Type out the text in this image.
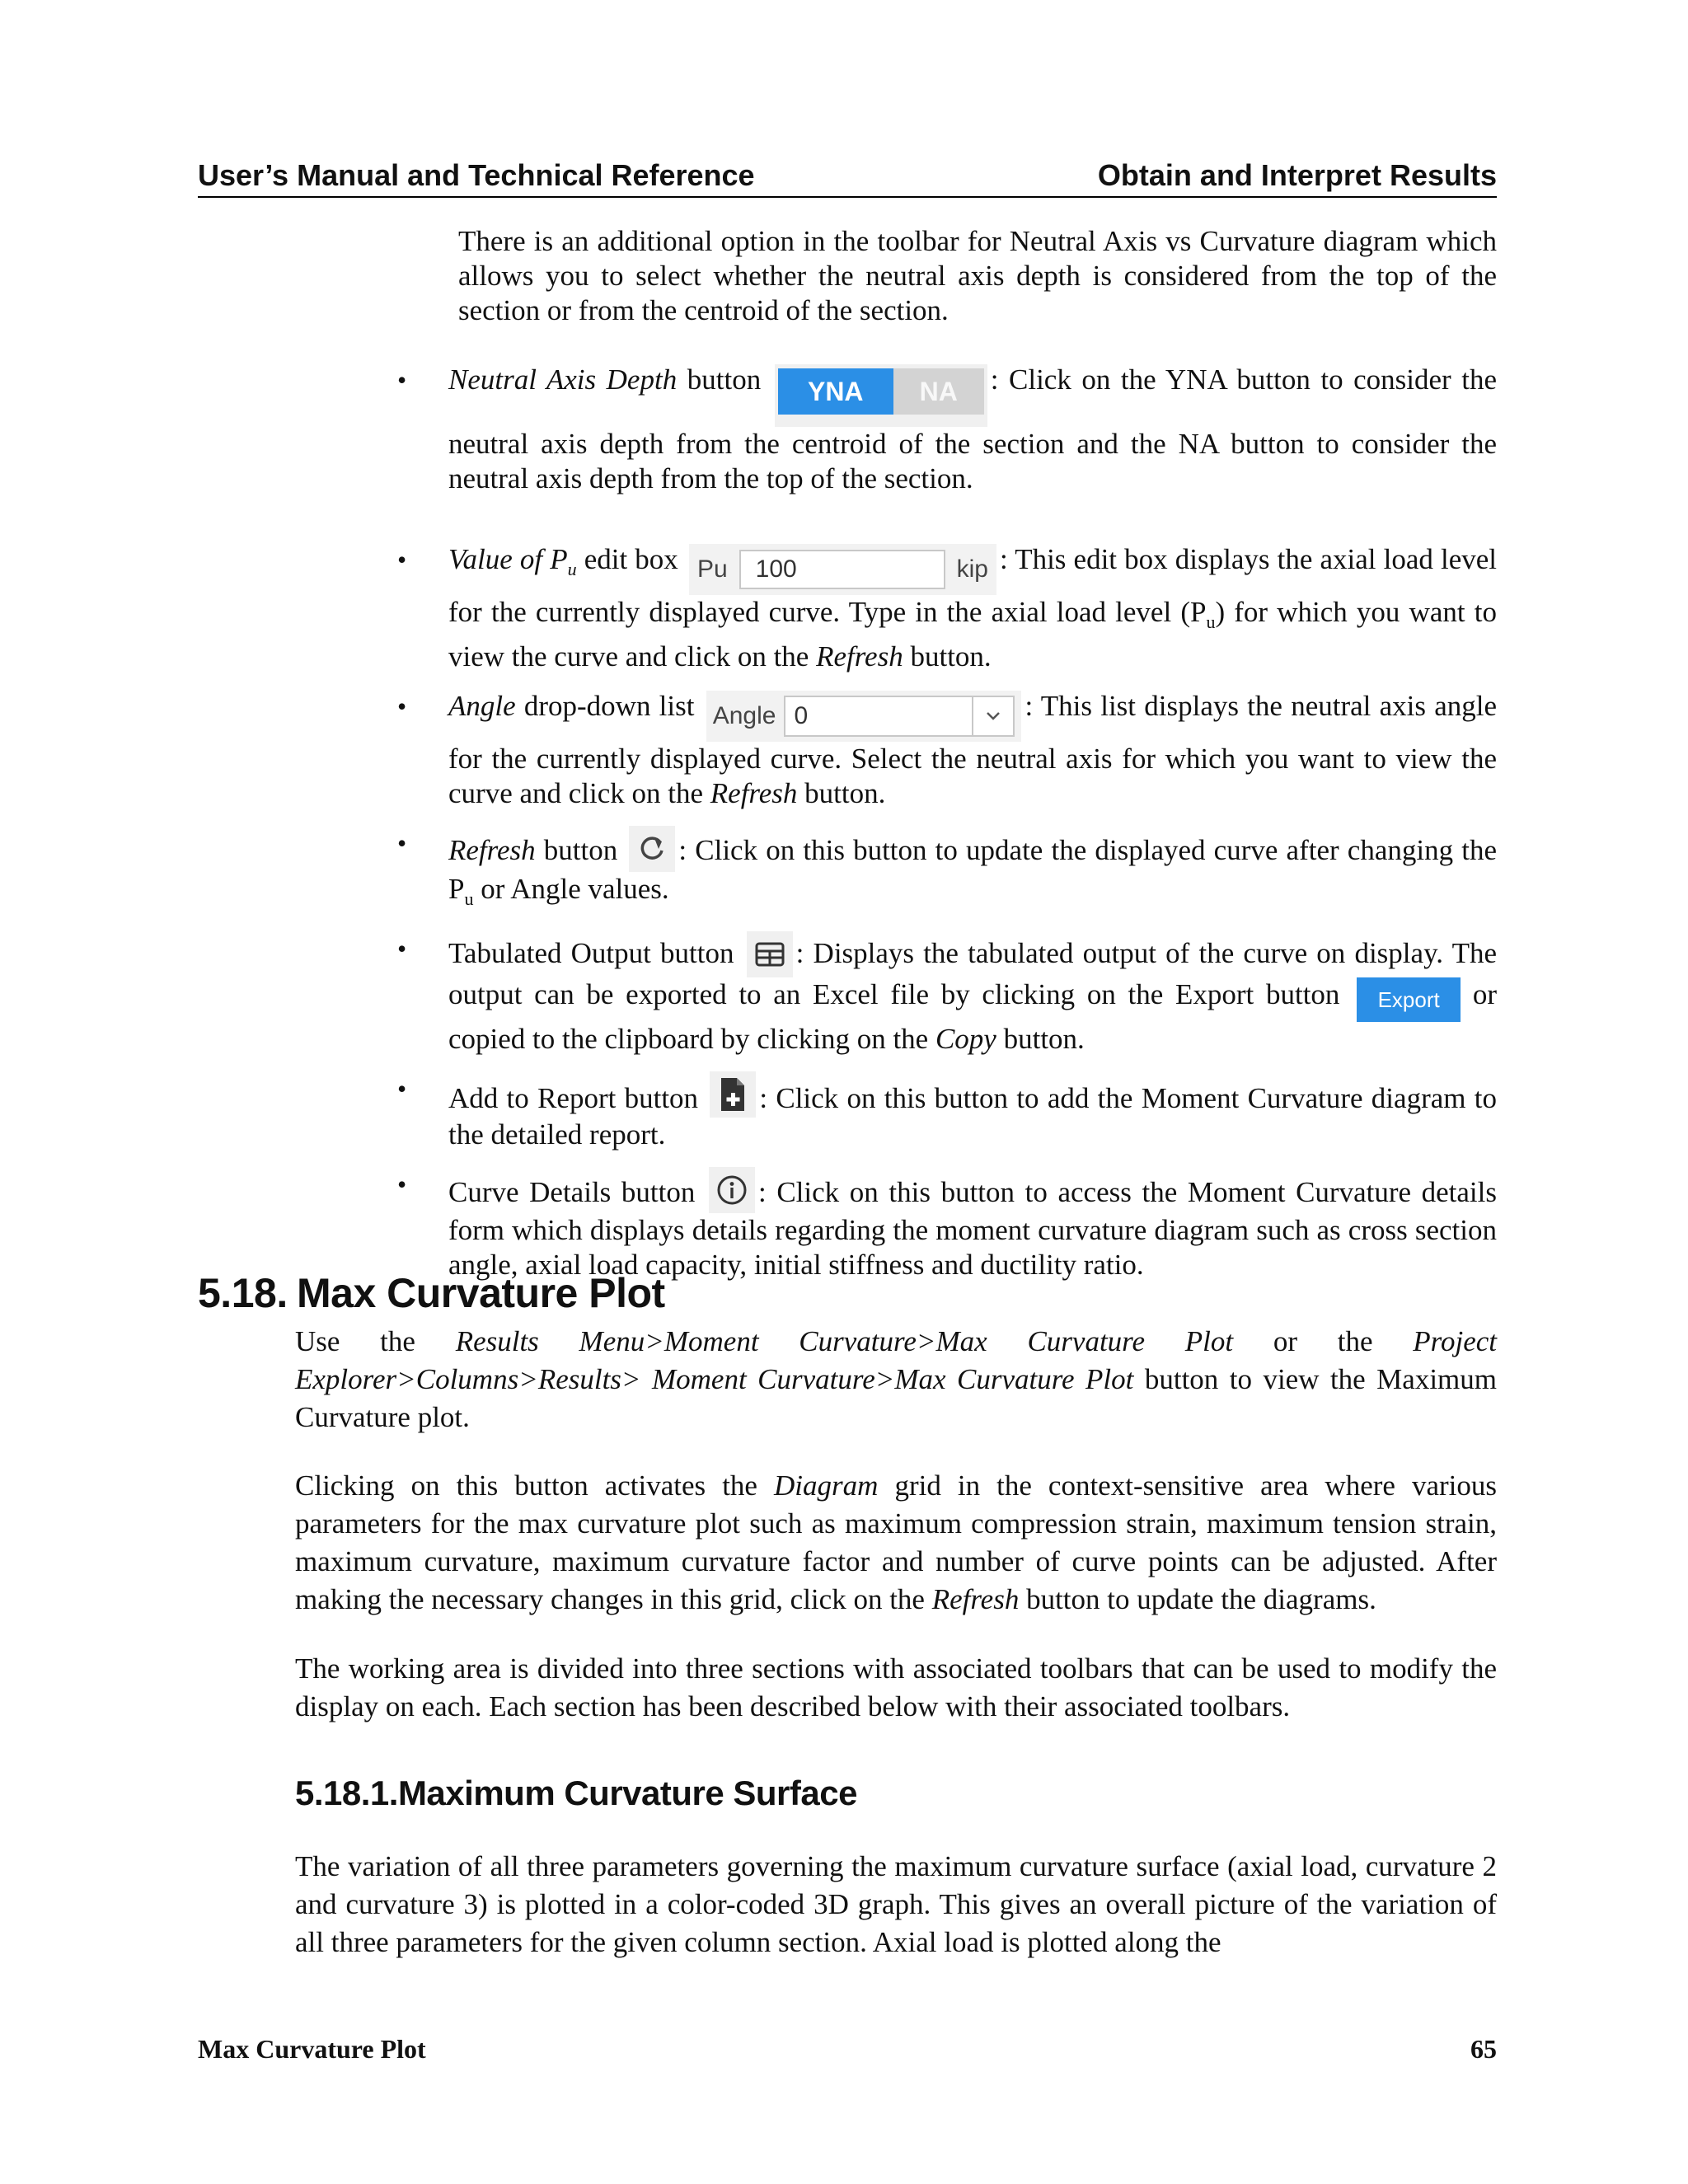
User’s Manual and Technical Reference	Obtain and Interpret Results

There is an additional option in the toolbar for Neutral Axis vs Curvature diagram which allows you to select whether the neutral axis depth is considered from the top of the section or from the centroid of the section.

• Neutral Axis Depth button	YNA	NA	: Click on the YNA button to consider the neutral axis depth from the centroid of the section and the NA button to consider the neutral axis depth from the top of the section.
• Value of $P_u$ edit box Pu	100	kip : This edit box displays the axial load level for the currently displayed curve. Type in the axial load level $(P_u)$ for which you want to view the curve and click on the Refresh button.
• Angle drop-down list Angle 0	: This list displays the neutral axis angle for the currently displayed curve. Select the neutral axis for which you want to view the curve and click on the Refresh button.
• Refresh button
: Click on this button to update the displayed curve after changing the $P_u$ or Angle values.
• Tabulated Output button
: Displays the tabulated output of the curve on display. The output can be exported to an Excel file by clicking on the Export button Export or copied to the clipboard by clicking on the Copy button.
• Add to Report button
: Click on this button to add the Moment Curvature diagram to the detailed report.
• Curve Details button
: Click on this button to access the Moment Curvature details form which displays details regarding the moment curvature diagram such as cross section angle, axial load capacity, initial stiffness and ductility ratio.
5.18. Max Curvature Plot

Use the Results Menu>Moment Curvature>Max Curvature Plot or the Project Explorer>Columns>Results> Moment Curvature>Max Curvature Plot button to view the Maximum Curvature plot.

Clicking on this button activates the Diagram grid in the context-sensitive area where various parameters for the max curvature plot such as maximum compression strain, maximum tension strain, maximum curvature, maximum curvature factor and number of curve points can be adjusted. After making the necessary changes in this grid, click on the Refresh button to update the diagrams.

The working area is divided into three sections with associated toolbars that can be used to modify the display on each. Each section has been described below with their associated toolbars.

5.18.1.Maximum Curvature Surface

The variation of all three parameters governing the maximum curvature surface (axial load, curvature 2 and curvature 3) is plotted in a color-coded 3D graph. This gives an overall picture of the variation of all three parameters for the given column section. Axial load is plotted along the

Max Curvature Plot	65
